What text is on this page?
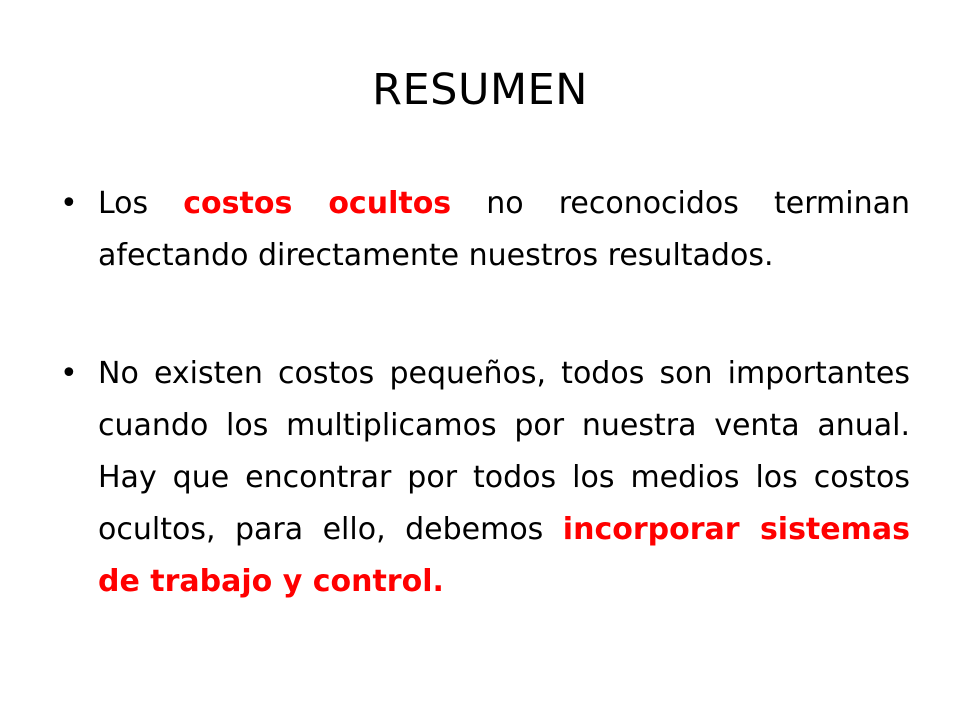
RESUMEN
• Los costos ocultos no reconocidos terminan afectando directamente nuestros resultados.
• No existen costos pequeños, todos son importantes cuando los multiplicamos por nuestra venta anual. Hay que encontrar por todos los medios los costos ocultos, para ello, debemos incorporar sistemas de trabajo y control.
